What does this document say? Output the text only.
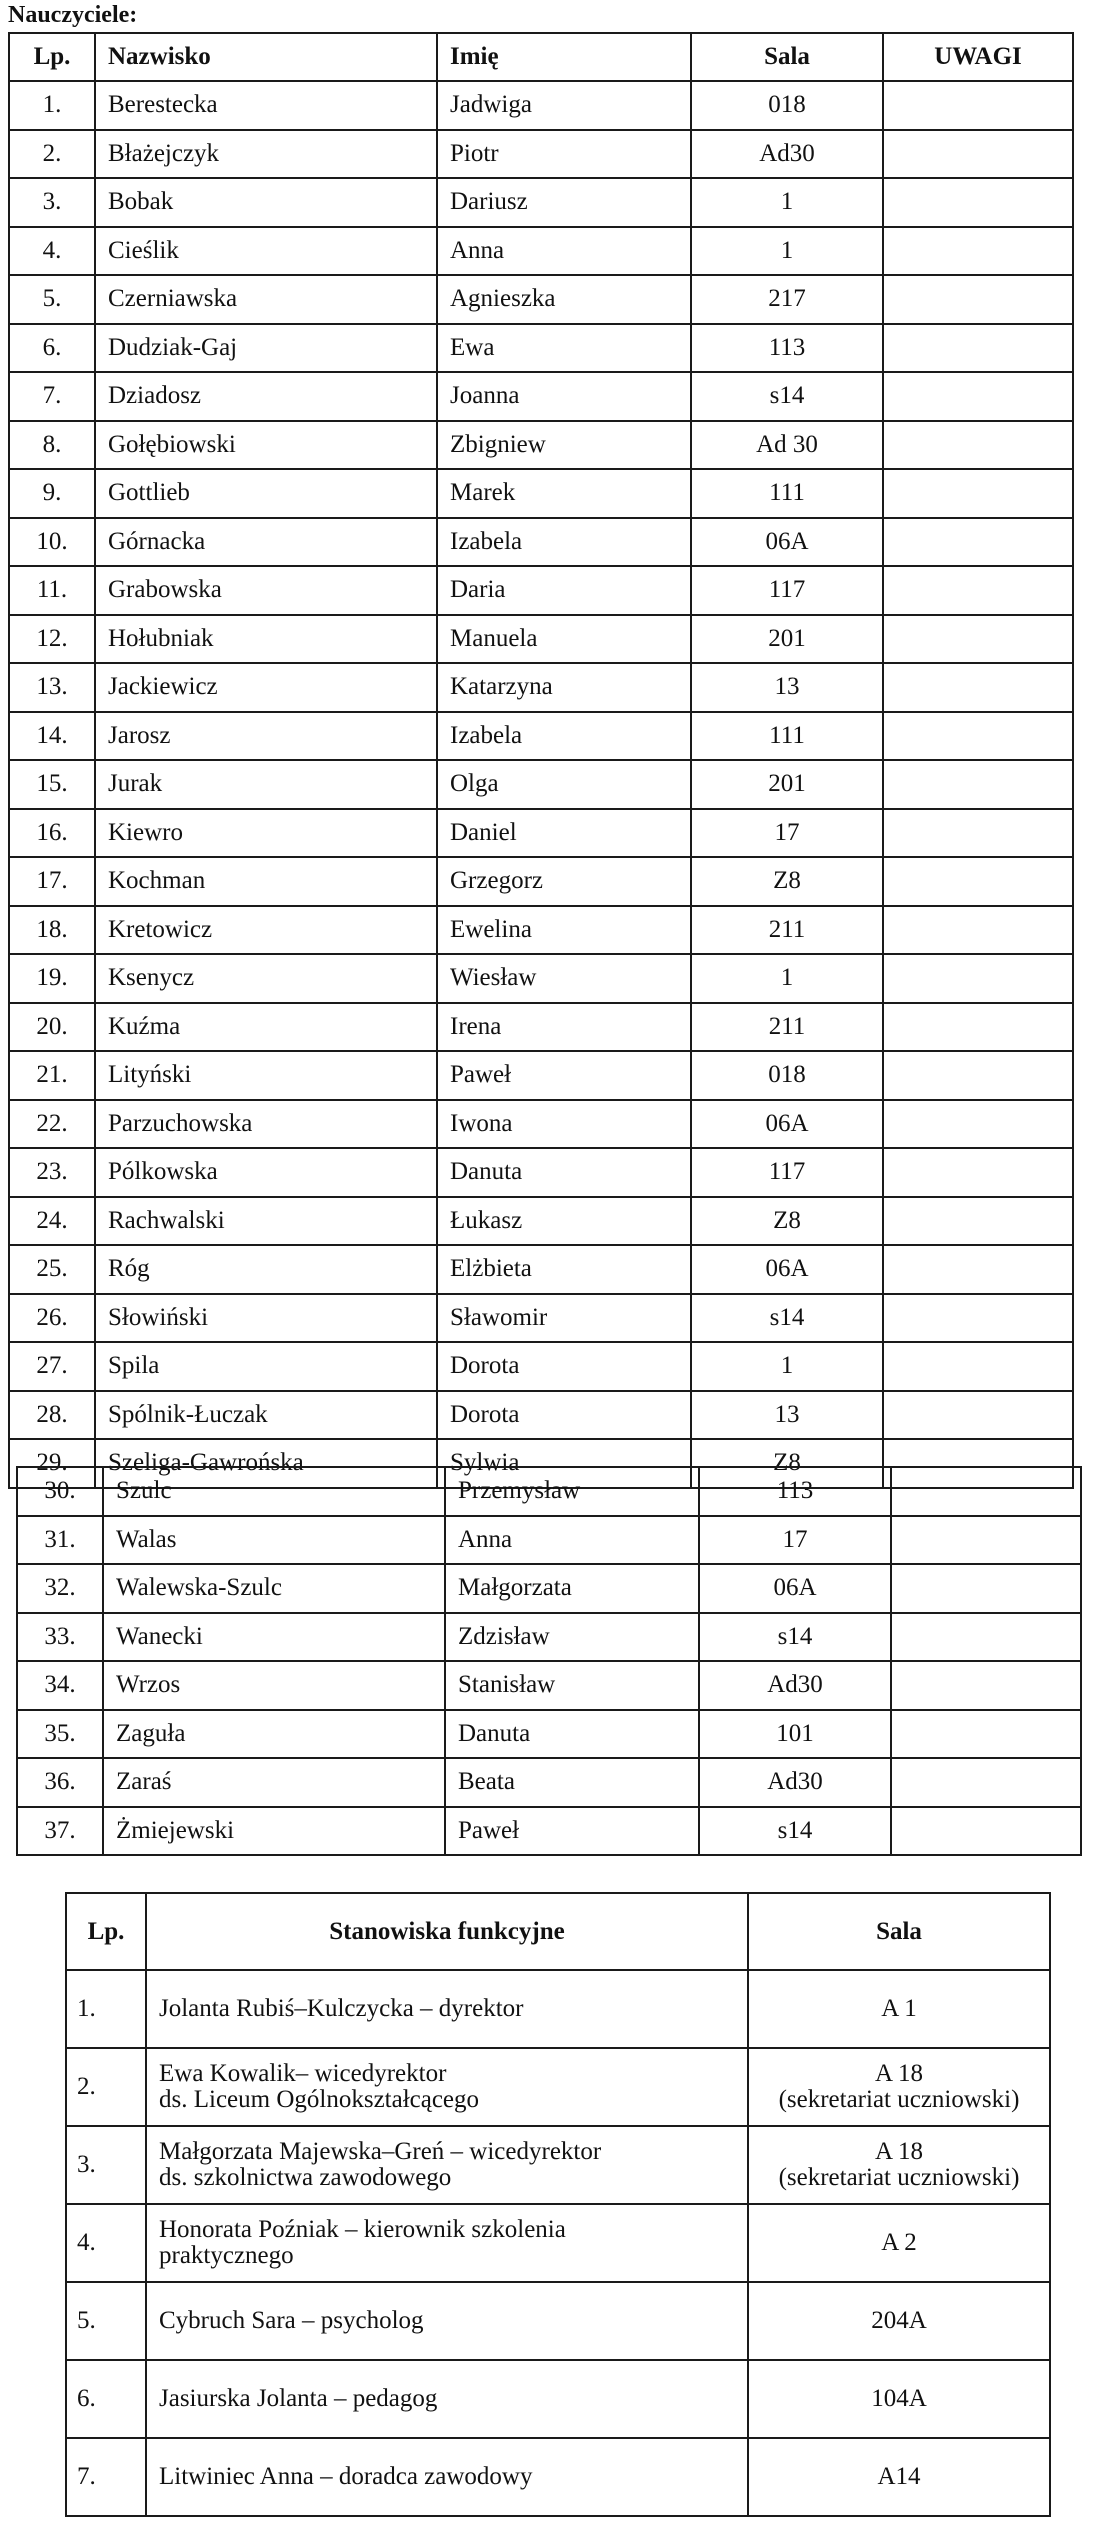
Nauczyciele:
Lp.	Nazwisko	Imię	Sala	UWAGI
1.	Berestecka	Jadwiga	018	
2.	Błażejczyk	Piotr	Ad30	
3.	Bobak	Dariusz	1	
4.	Cieślik	Anna	1	
5.	Czerniawska	Agnieszka	217	
6.	Dudziak-Gaj	Ewa	113	
7.	Dziadosz	Joanna	s14	
8.	Gołębiowski	Zbigniew	Ad 30	
9.	Gottlieb	Marek	111	
10.	Górnacka	Izabela	06A	
11.	Grabowska	Daria	117	
12.	Hołubniak	Manuela	201	
13.	Jackiewicz	Katarzyna	13	
14.	Jarosz	Izabela	111	
15.	Jurak	Olga	201	
16.	Kiewro	Daniel	17	
17.	Kochman	Grzegorz	Z8	
18.	Kretowicz	Ewelina	211	
19.	Ksenycz	Wiesław	1	
20.	Kuźma	Irena	211	
21.	Lityński	Paweł	018	
22.	Parzuchowska	Iwona	06A	
23.	Pólkowska	Danuta	117	
24.	Rachwalski	Łukasz	Z8	
25.	Róg	Elżbieta	06A	
26.	Słowiński	Sławomir	s14	
27.	Spila	Dorota	1	
28.	Spólnik-Łuczak	Dorota	13	
29.	Szeliga-Gawrońska	Sylwia	Z8	
30.	Szulc	Przemysław	113	
31.	Walas	Anna	17	
32.	Walewska-Szulc	Małgorzata	06A	
33.	Wanecki	Zdzisław	s14	
34.	Wrzos	Stanisław	Ad30	
35.	Zaguła	Danuta	101	
36.	Zaraś	Beata	Ad30	
37.	Żmiejewski	Paweł	s14	
Lp.	Stanowiska funkcyjne	Sala
1.	Jolanta Rubiś–Kulczycka – dyrektor	A 1

2.	Ewa Kowalik– wicedyrektor
ds. Liceum Ogólnokształcącego	A 18
(sekretariat uczniowski)

3.	Małgorzata Majewska–Greń – wicedyrektor
ds. szkolnictwa zawodowego	A 18
(sekretariat uczniowski)

4.	Honorata Poźniak – kierownik szkolenia
praktycznego	A 2

5.	Cybruch Sara – psycholog	204A

6.	Jasiurska Jolanta – pedagog	104A

7.	Litwiniec Anna – doradca zawodowy	A14
